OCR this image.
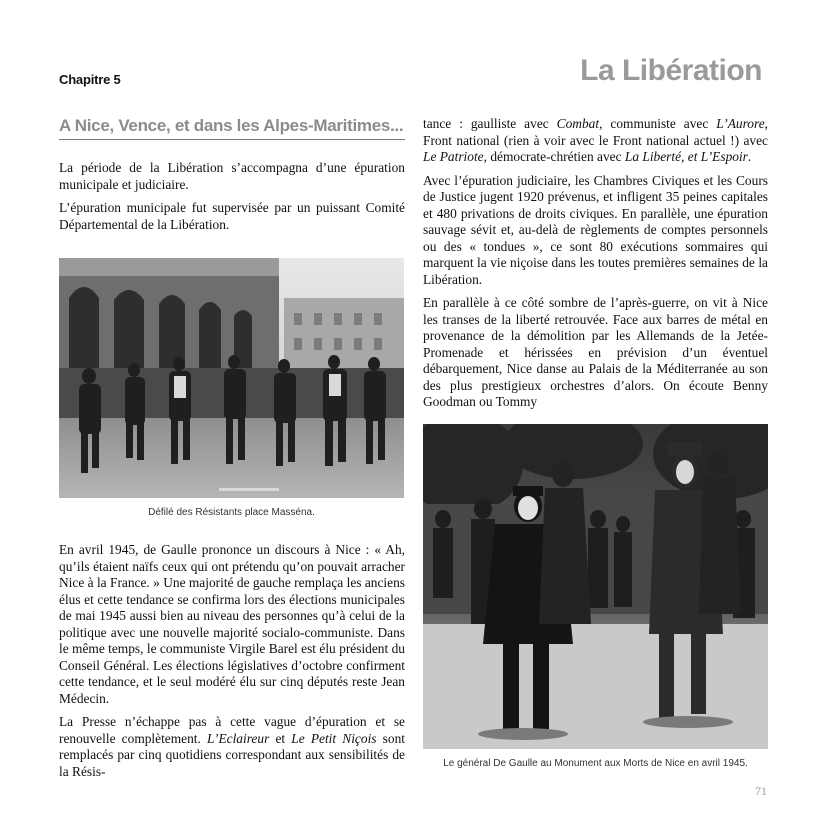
Chapitre 5	La Libération
A Nice, Vence, et dans les Alpes-Maritimes...

La période de la Libération s’accompagna d’une épuration municipale et judiciaire.

L’épuration municipale fut supervisée par un puissant Comité Départemental de la Libération.

Défilé des Résistants place Masséna.

En avril 1945, de Gaulle prononce un discours à Nice : « Ah, qu’ils étaient naïfs ceux qui ont prétendu qu’on pouvait arracher Nice à la France. » Une majorité de gauche remplaça les anciens élus et cette tendance se confirma lors des élections municipales de mai 1945 aussi bien au niveau des personnes qu’à celui de la politique avec une nouvelle majorité socialo-communiste. Dans le même temps, le communiste Virgile Barel est élu président du Conseil Général. Les élections législatives d’octobre confirment cette tendance, et le seul modéré élu sur cinq députés reste Jean Médecin.

La Presse n’échappe pas à cette vague d’épuration et se renouvelle complètement. L’Eclaireur et Le Petit Niçois sont remplacés par cinq quotidiens correspondant aux sensibilités de la Résis-

tance : gaulliste avec Combat, communiste avec L’Aurore, Front national (rien à voir avec le Front national actuel !) avec Le Patriote, démocrate-chrétien avec La Liberté, et L’Espoir.

Avec l’épuration judiciaire, les Chambres Civiques et les Cours de Justice jugent 1920 prévenus, et infligent 35 peines capitales et 480 privations de droits civiques. En parallèle, une épuration sauvage sévit et, au-delà de règlements de comptes personnels ou des « tondues », ce sont 80 exécutions sommaires qui marquent la vie niçoise dans les toutes premières semaines de la Libération.

En parallèle à ce côté sombre de l’après-guerre, on vit à Nice les transes de la liberté retrouvée. Face aux barres de métal en provenance de la démolition par les Allemands de la Jetée-Promenade et hérissées en prévision d’un éventuel débarquement, Nice danse au Palais de la Méditerranée au son des plus prestigieux orchestres d’alors. On écoute Benny Goodman ou Tommy

Le général De Gaulle au Monument aux Morts de Nice en avril 1945.
71
